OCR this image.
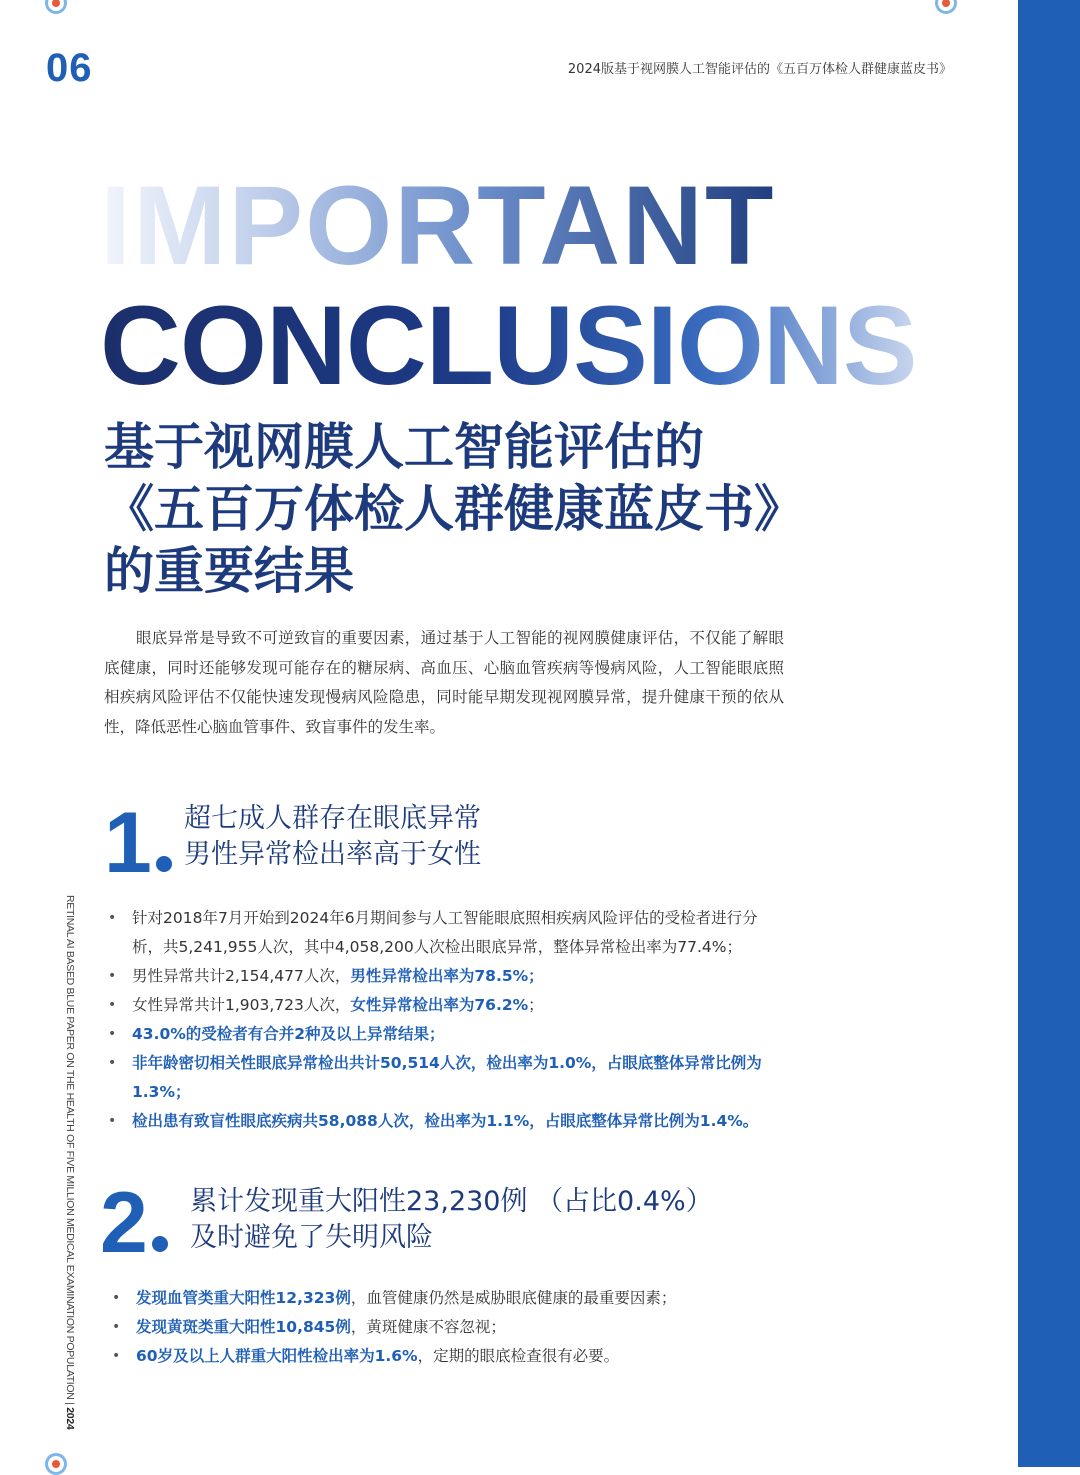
06	2024版基于视网膜人工智能评估的《五百万体检人群健康蓝皮书》
IMPORTANT
CONCLUSIONS
基于视网膜人工智能评估的
《五百万体检人群健康蓝皮书》
的重要结果
眼底异常是导致不可逆致盲的重要因素，通过基于人工智能的视网膜健康评估，不仅能了解眼底健康，同时还能够发现可能存在的糖尿病、高血压、心脑血管疾病等慢病风险，人工智能眼底照相疾病风险评估不仅能快速发现慢病风险隐患，同时能早期发现视网膜异常，提升健康干预的依从性，降低恶性心脑血管事件、致盲事件的发生率。
1	超七成人群存在眼底异常
男性异常检出率高于女性
• 针对2018年7月开始到2024年6月期间参与人工智能眼底照相疾病风险评估的受检者进行分析，共5,241,955人次，其中4,058,200人次检出眼底异常，整体异常检出率为77.4%；
• 男性异常共计2,154,477人次，男性异常检出率为78.5%；
• 女性异常共计1,903,723人次，女性异常检出率为76.2%；
• 43.0%的受检者有合并2种及以上异常结果；
• 非年龄密切相关性眼底异常检出共计50,514人次，检出率为1.0%，占眼底整体异常比例为1.3%；
• 检出患有致盲性眼底疾病共58,088人次，检出率为1.1%，占眼底整体异常比例为1.4%。
2	累计发现重大阳性23,230例 （占比0.4%）
及时避免了失明风险
• 发现血管类重大阳性12,323例，血管健康仍然是威胁眼底健康的最重要因素；
• 发现黄斑类重大阳性10,845例，黄斑健康不容忽视；
• 60岁及以上人群重大阳性检出率为1.6%，定期的眼底检查很有必要。
RETINAL AI BASED BLUE PAPER ON THE HEALTH OF FIVE MILLION MEDICAL EXAMINATION POPULATION | 2024
